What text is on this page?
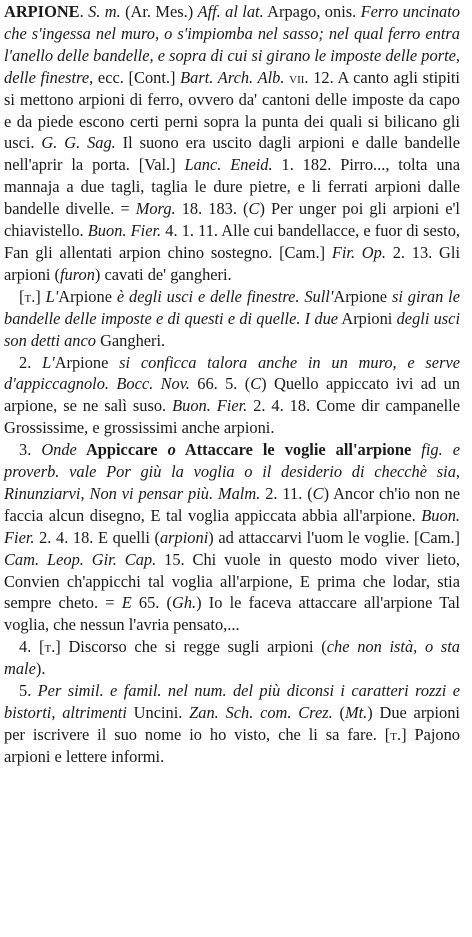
ARPIONE. S. m. (Ar. Mes.) Aff. al lat. Arpago, onis. Ferro uncinato che s'ingessa nel muro, o s'impiomba nel sasso; nel qual ferro entra l'anello delle bandelle, e sopra di cui si girano le imposte delle porte, delle finestre, ecc. [Cont.] Bart. Arch. Alb. vii. 12. A canto agli stipiti si mettono arpioni di ferro, ovvero da' cantoni delle imposte da capo e da piede escono certi perni sopra la punta dei quali si bilicano gli usci. G. G. Sag. Il suono era uscito dagli arpioni e dalle bandelle nell'aprir la porta. [Val.] Lanc. Eneid. 1. 182. Pirro..., tolta una mannaja a due tagli, taglia le dure pietre, e li ferrati arpioni dalle bandelle divelle. = Morg. 18. 183. (C) Per unger poi gli arpioni e'l chiavistello. Buon. Fier. 4. 1. 11. Alle cui bandellacce, e fuor di sesto, Fan gli allentati arpion chino sostegno. [Cam.] Fir. Op. 2. 13. Gli arpioni (furon) cavati de' gangheri.

[t.] L'Arpione è degli usci e delle finestre. Sull'Arpione si giran le bandelle delle imposte e di questi e di quelle. I due Arpioni degli usci son detti anco Gangheri.

2. L'Arpione si conficca talora anche in un muro, e serve d'appiccagnolo. Bocc. Nov. 66. 5. (C) Quello appiccato ivi ad un arpione, se ne salì suso. Buon. Fier. 2. 4. 18. Come dir campanelle Grossissime, e grossissimi anche arpioni.

3. Onde Appiccare o Attaccare le voglie all'arpione fig. e proverb. vale Por giù la voglia o il desiderio di checchè sia, Rinunziarvi, Non vi pensar più. Malm. 2. 11. (C) Ancor ch'io non ne faccia alcun disegno, E tal voglia appiccata abbia all'arpione. Buon. Fier. 2. 4. 18. E quelli (arpioni) ad attaccarvi l'uom le voglie. [Cam.] Cam. Leop. Gir. Cap. 15. Chi vuole in questo modo viver lieto, Convien ch'appicchi tal voglia all'arpione, E prima che lodar, stia sempre cheto. = E 65. (Gh.) Io le faceva attaccare all'arpione Tal voglia, che nessun l'avria pensato,...

4. [t.] Discorso che si regge sugli arpioni (che non istà, o sta male).

5. Per simil. e famil. nel num. del più diconsi i caratteri rozzi e bistorti, altrimenti Uncini. Zan. Sch. com. Crez. (Mt.) Due arpioni per iscrivere il suo nome io ho visto, che li sa fare. [t.] Pajono arpioni e lettere informi.
